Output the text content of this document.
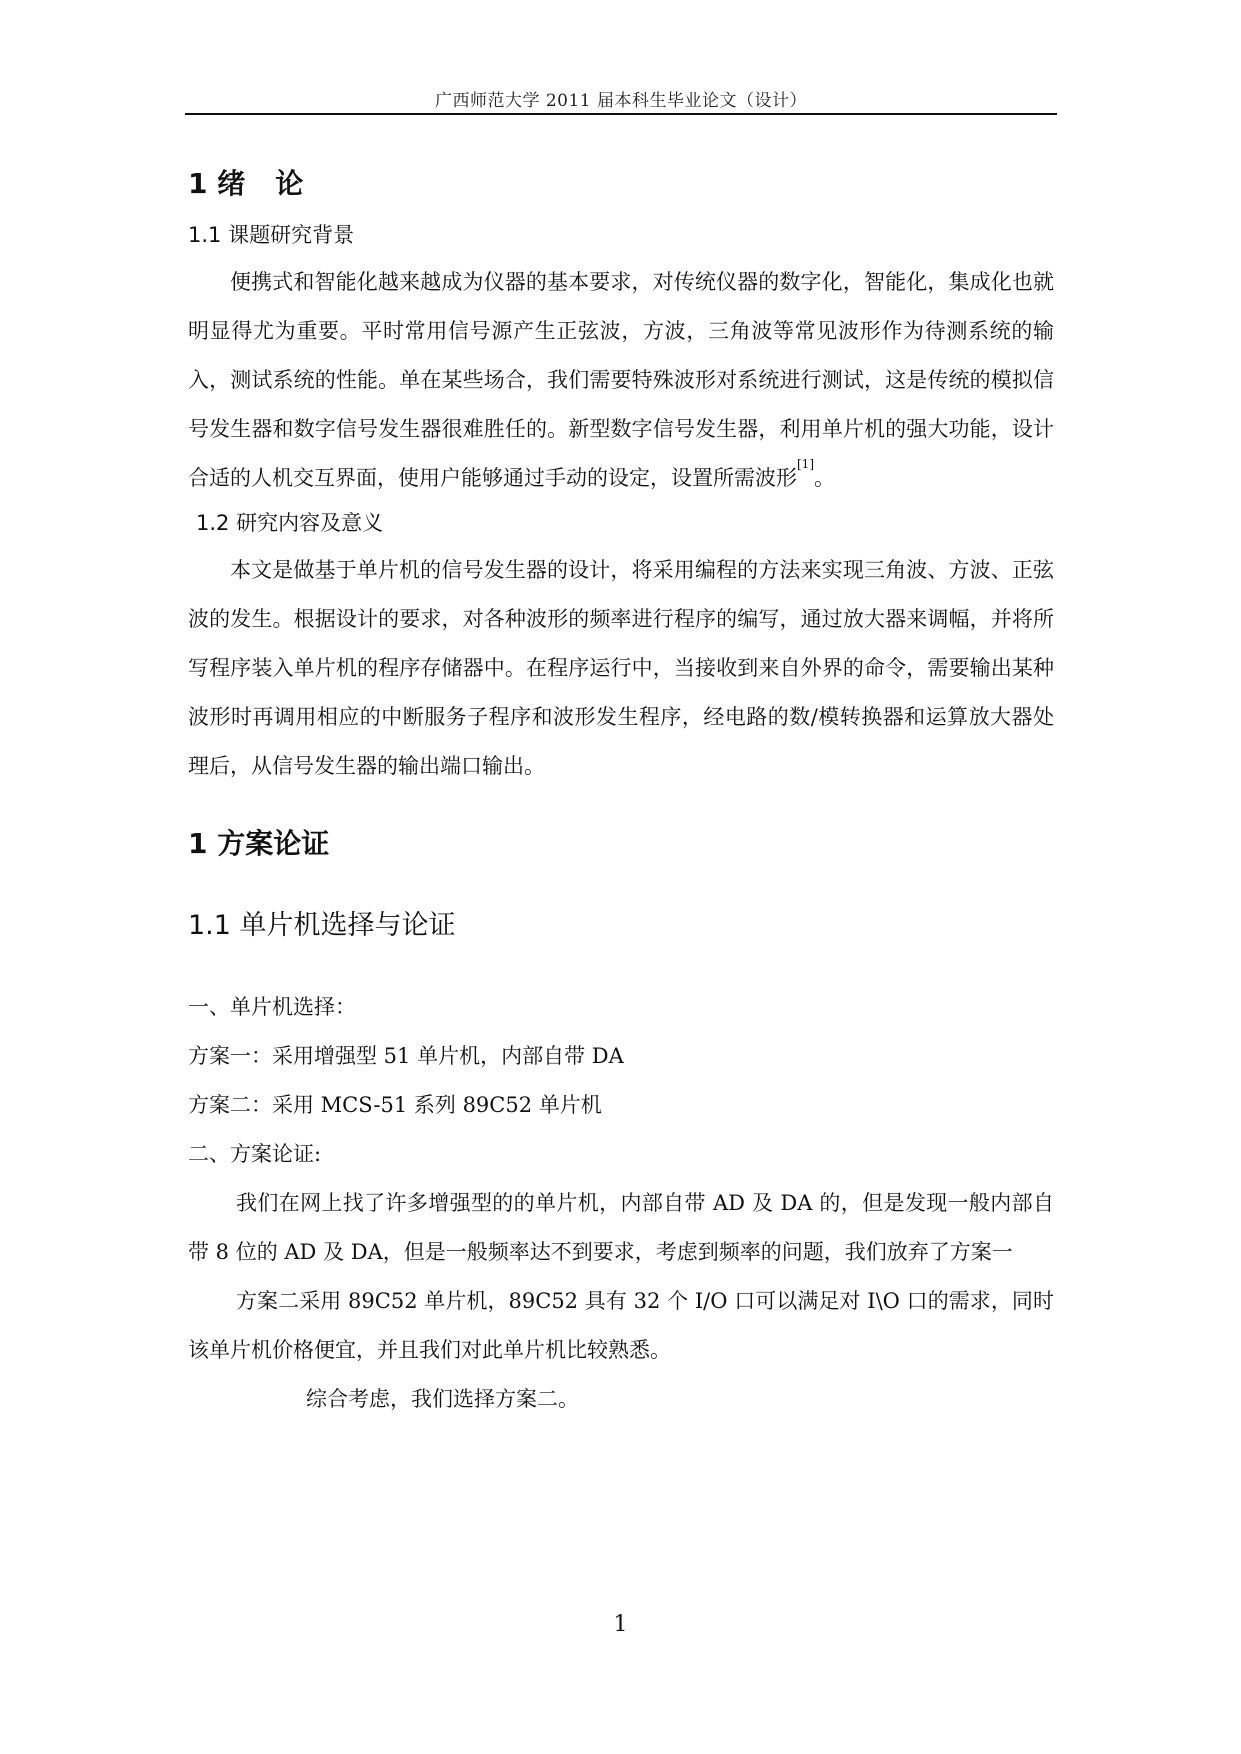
广西师范大学 2011 届本科生毕业论文（设计）
1 绪 论
1.1 课题研究背景

便携式和智能化越来越成为仪器的基本要求，对传统仪器的数字化，智能化，集成化也就明显得尤为重要。平时常用信号源产生正弦波，方波，三角波等常见波形作为待测系统的输入，测试系统的性能。单在某些场合，我们需要特殊波形对系统进行测试，这是传统的模拟信号发生器和数字信号发生器很难胜任的。新型数字信号发生器，利用单片机的强大功能，设计合适的人机交互界面，使用户能够通过手动的设定，设置所需波形[1]。

1.2 研究内容及意义

本文是做基于单片机的信号发生器的设计，将采用编程的方法来实现三角波、方波、正弦波的发生。根据设计的要求，对各种波形的频率进行程序的编写，通过放大器来调幅，并将所写程序装入单片机的程序存储器中。在程序运行中，当接收到来自外界的命令，需要输出某种波形时再调用相应的中断服务子程序和波形发生程序，经电路的数/模转换器和运算放大器处理后，从信号发生器的输出端口输出。

1 方案论证
1.1 单片机选择与论证
一、单片机选择：
方案一：采用增强型 51 单片机，内部自带 DA
方案二：采用 MCS-51 系列 89C52 单片机
二、方案论证:

我们在网上找了许多增强型的的单片机，内部自带 AD 及 DA 的，但是发现一般内部自带 8 位的 AD 及 DA，但是一般频率达不到要求，考虑到频率的问题，我们放弃了方案一

方案二采用 89C52 单片机，89C52 具有 32 个 I/O 口可以满足对 I\O 口的需求，同时该单片机价格便宜，并且我们对此单片机比较熟悉。

综合考虑，我们选择方案二。

1
